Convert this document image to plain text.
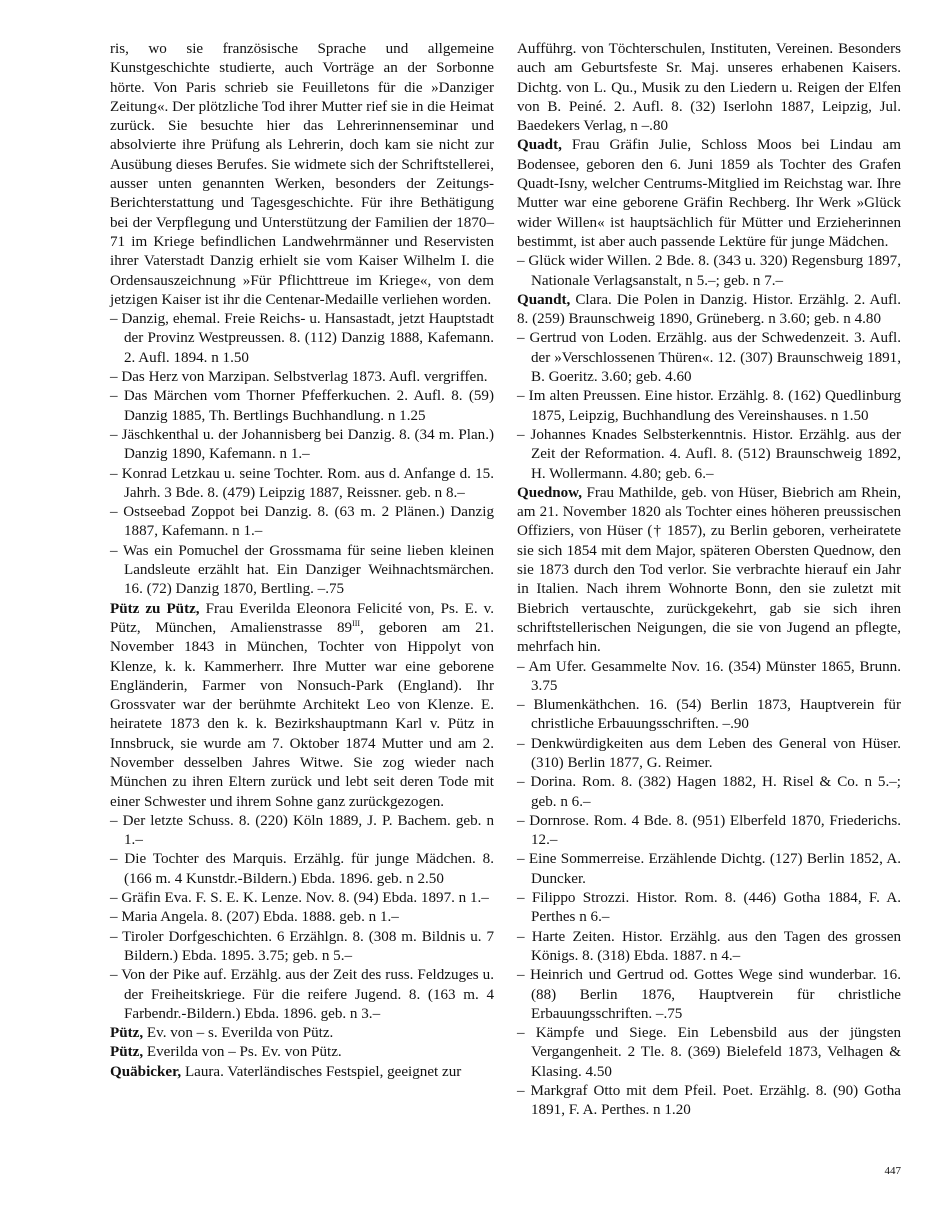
ris, wo sie französische Sprache und allgemeine Kunstgeschichte studierte, auch Vorträge an der Sorbonne hörte. Von Paris schrieb sie Feuilletons für die »Danziger Zeitung«. Der plötzliche Tod ihrer Mutter rief sie in die Heimat zurück. Sie besuchte hier das Lehrerinnenseminar und absolvierte ihre Prüfung als Lehrerin, doch kam sie nicht zur Ausübung dieses Berufes. Sie widmete sich der Schriftstellerei, ausser unten genannten Werken, besonders der Zeitungs-Berichterstattung und Tagesgeschichte. Für ihre Bethätigung bei der Verpflegung und Unterstützung der Familien der 1870–71 im Kriege befindlichen Landwehrmänner und Reservisten ihrer Vaterstadt Danzig erhielt sie vom Kaiser Wilhelm I. die Ordensauszeichnung »Für Pflichttreue im Kriege«, von dem jetzigen Kaiser ist ihr die Centenar-Medaille verliehen worden.

– Danzig, ehemal. Freie Reichs- u. Hansastadt, jetzt Hauptstadt der Provinz Westpreussen. 8. (112) Danzig 1888, Kafemann. 2. Aufl. 1894. n 1.50

– Das Herz von Marzipan. Selbstverlag 1873. Aufl. vergriffen.

– Das Märchen vom Thorner Pfefferkuchen. 2. Aufl. 8. (59) Danzig 1885, Th. Bertlings Buchhandlung. n 1.25

– Jäschkenthal u. der Johannisberg bei Danzig. 8. (34 m. Plan.) Danzig 1890, Kafemann. n 1.–

– Konrad Letzkau u. seine Tochter. Rom. aus d. Anfange d. 15. Jahrh. 3 Bde. 8. (479) Leipzig 1887, Reissner. geb. n 8.–

– Ostseebad Zoppot bei Danzig. 8. (63 m. 2 Plänen.) Danzig 1887, Kafemann. n 1.–

– Was ein Pomuchel der Grossmama für seine lieben kleinen Landsleute erzählt hat. Ein Danziger Weihnachtsmärchen. 16. (72) Danzig 1870, Bertling. –.75

Pütz zu Pütz, Frau Everilda Eleonora Felicité von, Ps. E. v. Pütz, München, Amalienstrasse $89^{III}$, geboren am 21. November 1843 in München, Tochter von Hippolyt von Klenze, k. k. Kammerherr. Ihre Mutter war eine geborene Engländerin, Farmer von Nonsuch-Park (England). Ihr Grossvater war der berühmte Architekt Leo von Klenze. E. heiratete 1873 den k. k. Bezirkshauptmann Karl v. Pütz in Innsbruck, sie wurde am 7. Oktober 1874 Mutter und am 2. November desselben Jahres Witwe. Sie zog wieder nach München zu ihren Eltern zurück und lebt seit deren Tode mit einer Schwester und ihrem Sohne ganz zurückgezogen.

– Der letzte Schuss. 8. (220) Köln 1889, J. P. Bachem. geb. n 1.–

– Die Tochter des Marquis. Erzählg. für junge Mädchen. 8. (166 m. 4 Kunstdr.-Bildern.) Ebda. 1896. geb. n 2.50

– Gräfin Eva. F. S. E. K. Lenze. Nov. 8. (94) Ebda. 1897. n 1.–

– Maria Angela. 8. (207) Ebda. 1888. geb. n 1.–

– Tiroler Dorfgeschichten. 6 Erzählgn. 8. (308 m. Bildnis u. 7 Bildern.) Ebda. 1895. 3.75; geb. n 5.–

– Von der Pike auf. Erzählg. aus der Zeit des russ. Feldzuges u. der Freiheitskriege. Für die reifere Jugend. 8. (163 m. 4 Farbendr.-Bildern.) Ebda. 1896. geb. n 3.–

Pütz, Ev. von – s. Everilda von Pütz.

Pütz, Everilda von – Ps. Ev. von Pütz.

Quäbicker, Laura. Vaterländisches Festspiel, geeignet zur

Aufführg. von Töchterschulen, Instituten, Vereinen. Besonders auch am Geburtsfeste Sr. Maj. unseres erhabenen Kaisers. Dichtg. von L. Qu., Musik zu den Liedern u. Reigen der Elfen von B. Peiné. 2. Aufl. 8. (32) Iserlohn 1887, Leipzig, Jul. Baedekers Verlag, n –.80

Quadt, Frau Gräfin Julie, Schloss Moos bei Lindau am Bodensee, geboren den 6. Juni 1859 als Tochter des Grafen Quadt-Isny, welcher Centrums-Mitglied im Reichstag war. Ihre Mutter war eine geborene Gräfin Rechberg. Ihr Werk »Glück wider Willen« ist hauptsächlich für Mütter und Erzieherinnen bestimmt, ist aber auch passende Lektüre für junge Mädchen.

– Glück wider Willen. 2 Bde. 8. (343 u. 320) Regensburg 1897, Nationale Verlagsanstalt, n 5.–; geb. n 7.–

Quandt, Clara. Die Polen in Danzig. Histor. Erzählg. 2. Aufl. 8. (259) Braunschweig 1890, Grüneberg. n 3.60; geb. n 4.80

– Gertrud von Loden. Erzählg. aus der Schwedenzeit. 3. Aufl. der »Verschlossenen Thüren«. 12. (307) Braunschweig 1891, B. Goeritz. 3.60; geb. 4.60

– Im alten Preussen. Eine histor. Erzählg. 8. (162) Quedlinburg 1875, Leipzig, Buchhandlung des Vereinshauses. n 1.50

– Johannes Knades Selbsterkenntnis. Histor. Erzählg. aus der Zeit der Reformation. 4. Aufl. 8. (512) Braunschweig 1892, H. Wollermann. 4.80; geb. 6.–

Quednow, Frau Mathilde, geb. von Hüser, Biebrich am Rhein, am 21. November 1820 als Tochter eines höheren preussischen Offiziers, von Hüser († 1857), zu Berlin geboren, verheiratete sie sich 1854 mit dem Major, späteren Obersten Quednow, den sie 1873 durch den Tod verlor. Sie verbrachte hierauf ein Jahr in Italien. Nach ihrem Wohnorte Bonn, den sie zuletzt mit Biebrich vertauschte, zurückgekehrt, gab sie sich ihren schriftstellerischen Neigungen, die sie von Jugend an pflegte, mehrfach hin.

– Am Ufer. Gesammelte Nov. 16. (354) Münster 1865, Brunn. 3.75

– Blumenkäthchen. 16. (54) Berlin 1873, Hauptverein für christliche Erbauungsschriften. –.90

– Denkwürdigkeiten aus dem Leben des General von Hüser. (310) Berlin 1877, G. Reimer.

– Dorina. Rom. 8. (382) Hagen 1882, H. Risel & Co. n 5.–; geb. n 6.–

– Dornrose. Rom. 4 Bde. 8. (951) Elberfeld 1870, Friederichs. 12.–

– Eine Sommerreise. Erzählende Dichtg. (127) Berlin 1852, A. Duncker.

– Filippo Strozzi. Histor. Rom. 8. (446) Gotha 1884, F. A. Perthes n 6.–

– Harte Zeiten. Histor. Erzählg. aus den Tagen des grossen Königs. 8. (318) Ebda. 1887. n 4.–

– Heinrich und Gertrud od. Gottes Wege sind wunderbar. 16. (88) Berlin 1876, Hauptverein für christliche Erbauungsschriften. –.75

– Kämpfe und Siege. Ein Lebensbild aus der jüngsten Vergangenheit. 2 Tle. 8. (369) Bielefeld 1873, Velhagen & Klasing. 4.50

– Markgraf Otto mit dem Pfeil. Poet. Erzählg. 8. (90) Gotha 1891, F. A. Perthes. n 1.20

447
